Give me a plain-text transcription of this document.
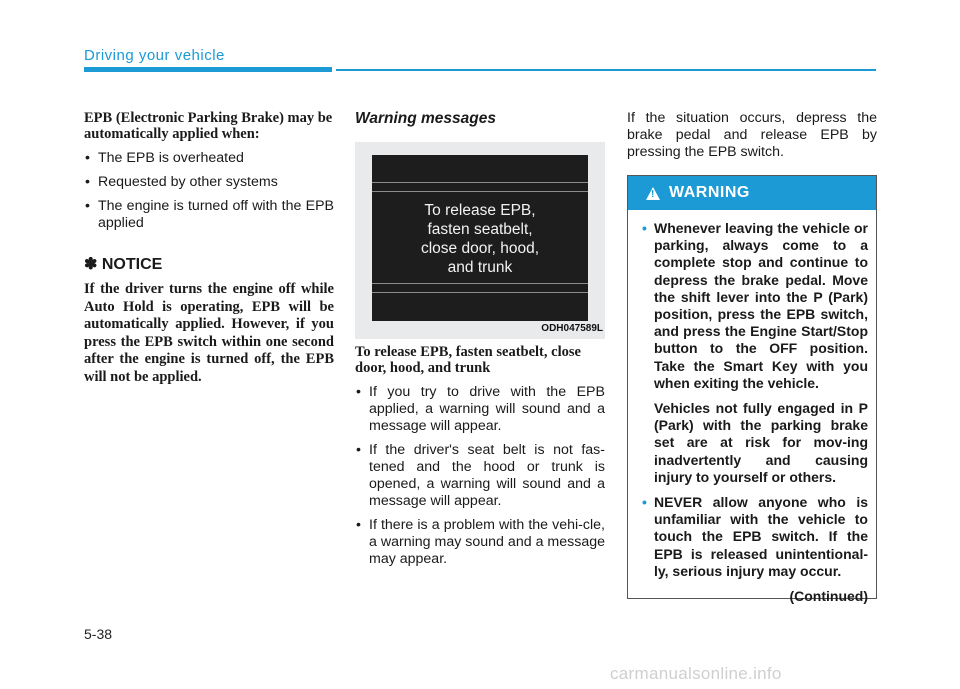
Driving your vehicle

EPB (Electronic Parking Brake) may be automatically applied when:

• The EPB is overheated
• Requested by other systems
• The engine is turned off with the EPB applied
✽ NOTICE

If the driver turns the engine off while Auto Hold is operating, EPB will be automatically applied. However, if you press the EPB switch within one second after the engine is turned off, the EPB will not be applied.

Warning messages

To release EPB,
fasten seatbelt,
close door, hood,
and trunk
ODH047589L

To release EPB, fasten seatbelt, close door, hood, and trunk

• If you try to drive with the EPB applied, a warning will sound and a message will appear.
• If the driver's seat belt is not fas-tened and the hood or trunk is opened, a warning will sound and a message will appear.
• If there is a problem with the vehi-cle, a warning may sound and a message may appear.

If the situation occurs, depress the brake pedal and release EPB by pressing the EPB switch.

! WARNING

• Whenever leaving the vehicle or parking, always come to a complete stop and continue to depress the brake pedal. Move the shift lever into the P (Park) position, press the EPB switch, and press the Engine Start/Stop button to the OFF position. Take the Smart Key with you when exiting the vehicle.

Vehicles not fully engaged in P (Park) with the parking brake set are at risk for mov-ing inadvertently and causing injury to yourself or others.

• NEVER allow anyone who is unfamiliar with the vehicle to touch the EPB switch. If the EPB is released unintentional-ly, serious injury may occur.

(Continued)

5-38
carmanualsonline.info
